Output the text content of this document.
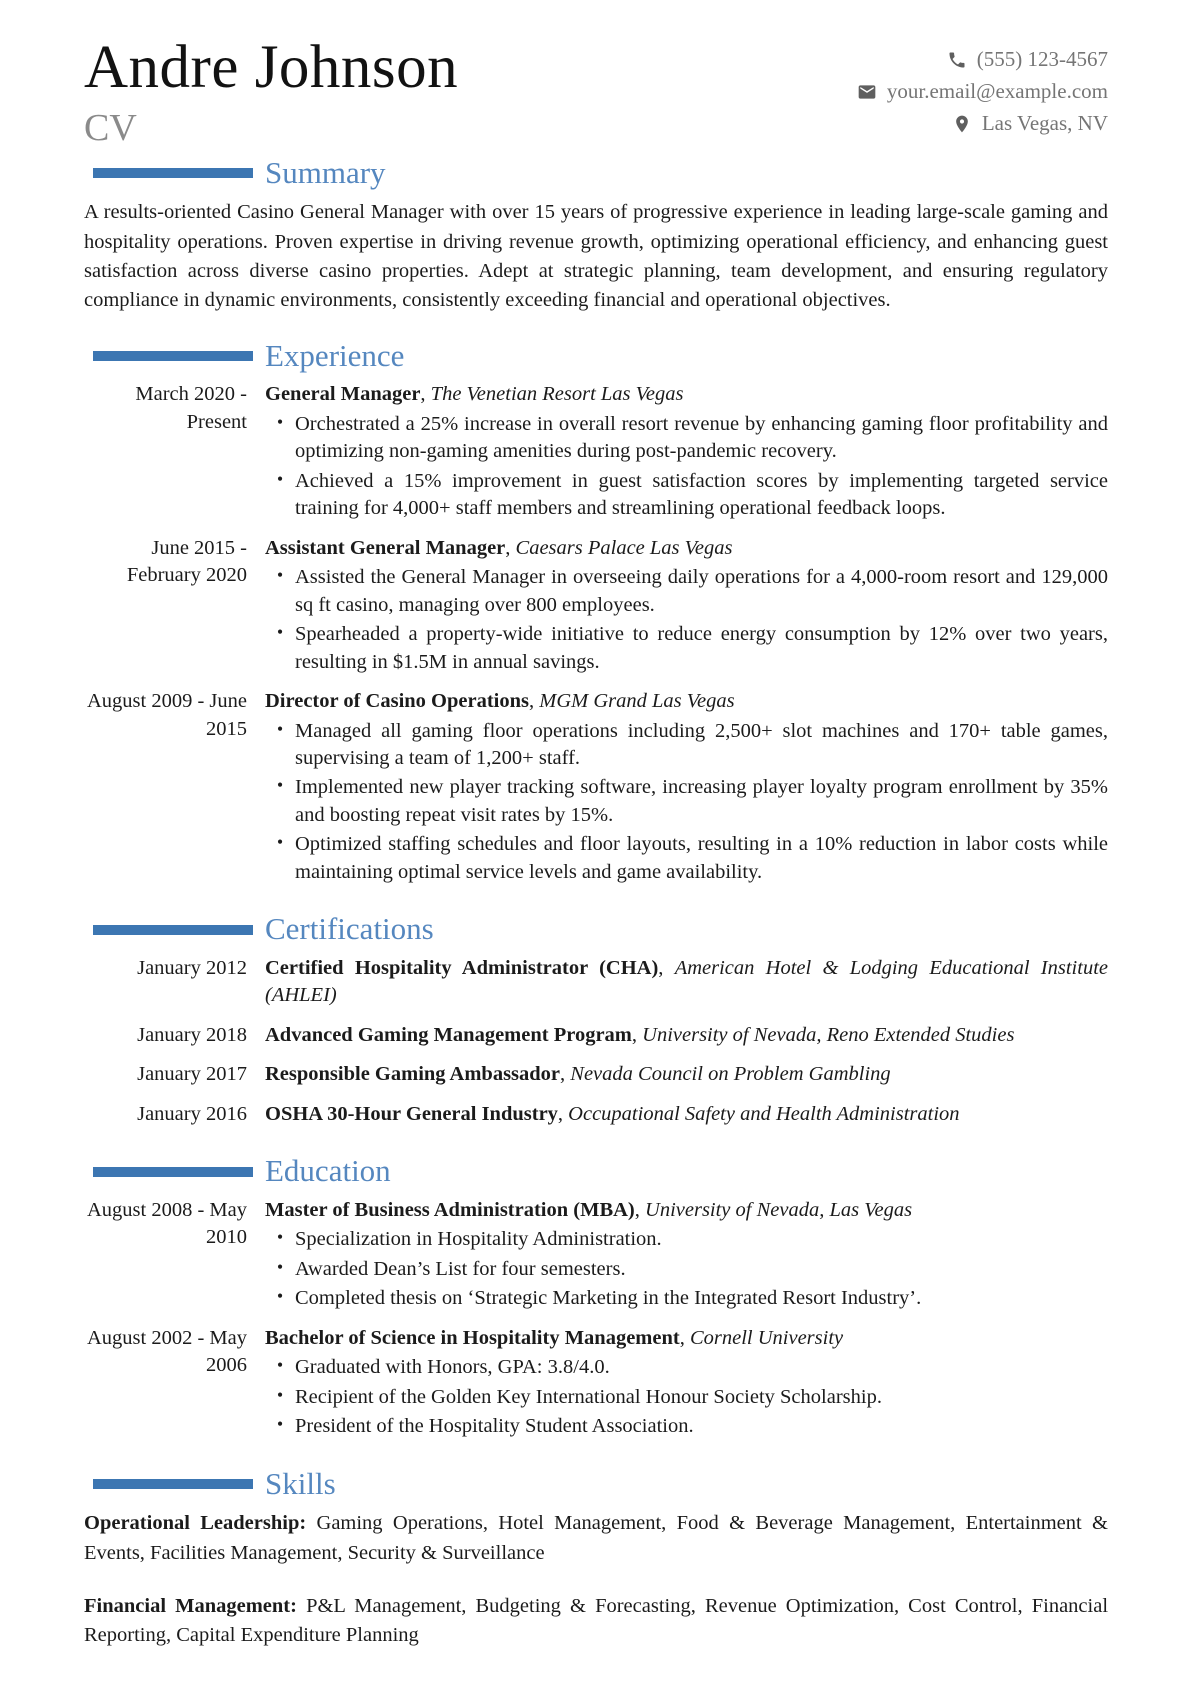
Andre Johnson
CV
(555) 123-4567
your.email@example.com
Las Vegas, NV
Summary

A results-oriented Casino General Manager with over 15 years of progressive experience in leading large-scale gaming and hospitality operations. Proven expertise in driving revenue growth, optimizing operational efficiency, and enhancing guest satisfaction across diverse casino properties. Adept at strategic planning, team development, and ensuring regulatory compliance in dynamic environments, consistently exceeding financial and operational objectives.

Experience
March 2020 - Present
General Manager, The Venetian Resort Las Vegas
• Orchestrated a 25% increase in overall resort revenue by enhancing gaming floor profitability and optimizing non-gaming amenities during post-pandemic recovery.
• Achieved a 15% improvement in guest satisfaction scores by implementing targeted service training for 4,000+ staff members and streamlining operational feedback loops.
June 2015 - February 2020
Assistant General Manager, Caesars Palace Las Vegas
• Assisted the General Manager in overseeing daily operations for a 4,000-room resort and 129,000 sq ft casino, managing over 800 employees.
• Spearheaded a property-wide initiative to reduce energy consumption by 12% over two years, resulting in $1.5M in annual savings.
August 2009 - June 2015
Director of Casino Operations, MGM Grand Las Vegas
• Managed all gaming floor operations including 2,500+ slot machines and 170+ table games, supervising a team of 1,200+ staff.
• Implemented new player tracking software, increasing player loyalty program enrollment by 35% and boosting repeat visit rates by 15%.
• Optimized staffing schedules and floor layouts, resulting in a 10% reduction in labor costs while maintaining optimal service levels and game availability.
Certifications
January 2012 Certified Hospitality Administrator (CHA), American Hotel & Lodging Educational Institute (AHLEI)
January 2018 Advanced Gaming Management Program, University of Nevada, Reno Extended Studies
January 2017 Responsible Gaming Ambassador, Nevada Council on Problem Gambling
January 2016 OSHA 30-Hour General Industry, Occupational Safety and Health Administration
Education
August 2008 - May 2010
Master of Business Administration (MBA), University of Nevada, Las Vegas
• Specialization in Hospitality Administration.
• Awarded Dean’s List for four semesters.
• Completed thesis on ‘Strategic Marketing in the Integrated Resort Industry’.
August 2002 - May 2006
Bachelor of Science in Hospitality Management, Cornell University
• Graduated with Honors, GPA: 3.8/4.0.
• Recipient of the Golden Key International Honour Society Scholarship.
• President of the Hospitality Student Association.
Skills

Operational Leadership: Gaming Operations, Hotel Management, Food & Beverage Management, Entertainment & Events, Facilities Management, Security & Surveillance

Financial Management: P&L Management, Budgeting & Forecasting, Revenue Optimization, Cost Control, Financial Reporting, Capital Expenditure Planning
